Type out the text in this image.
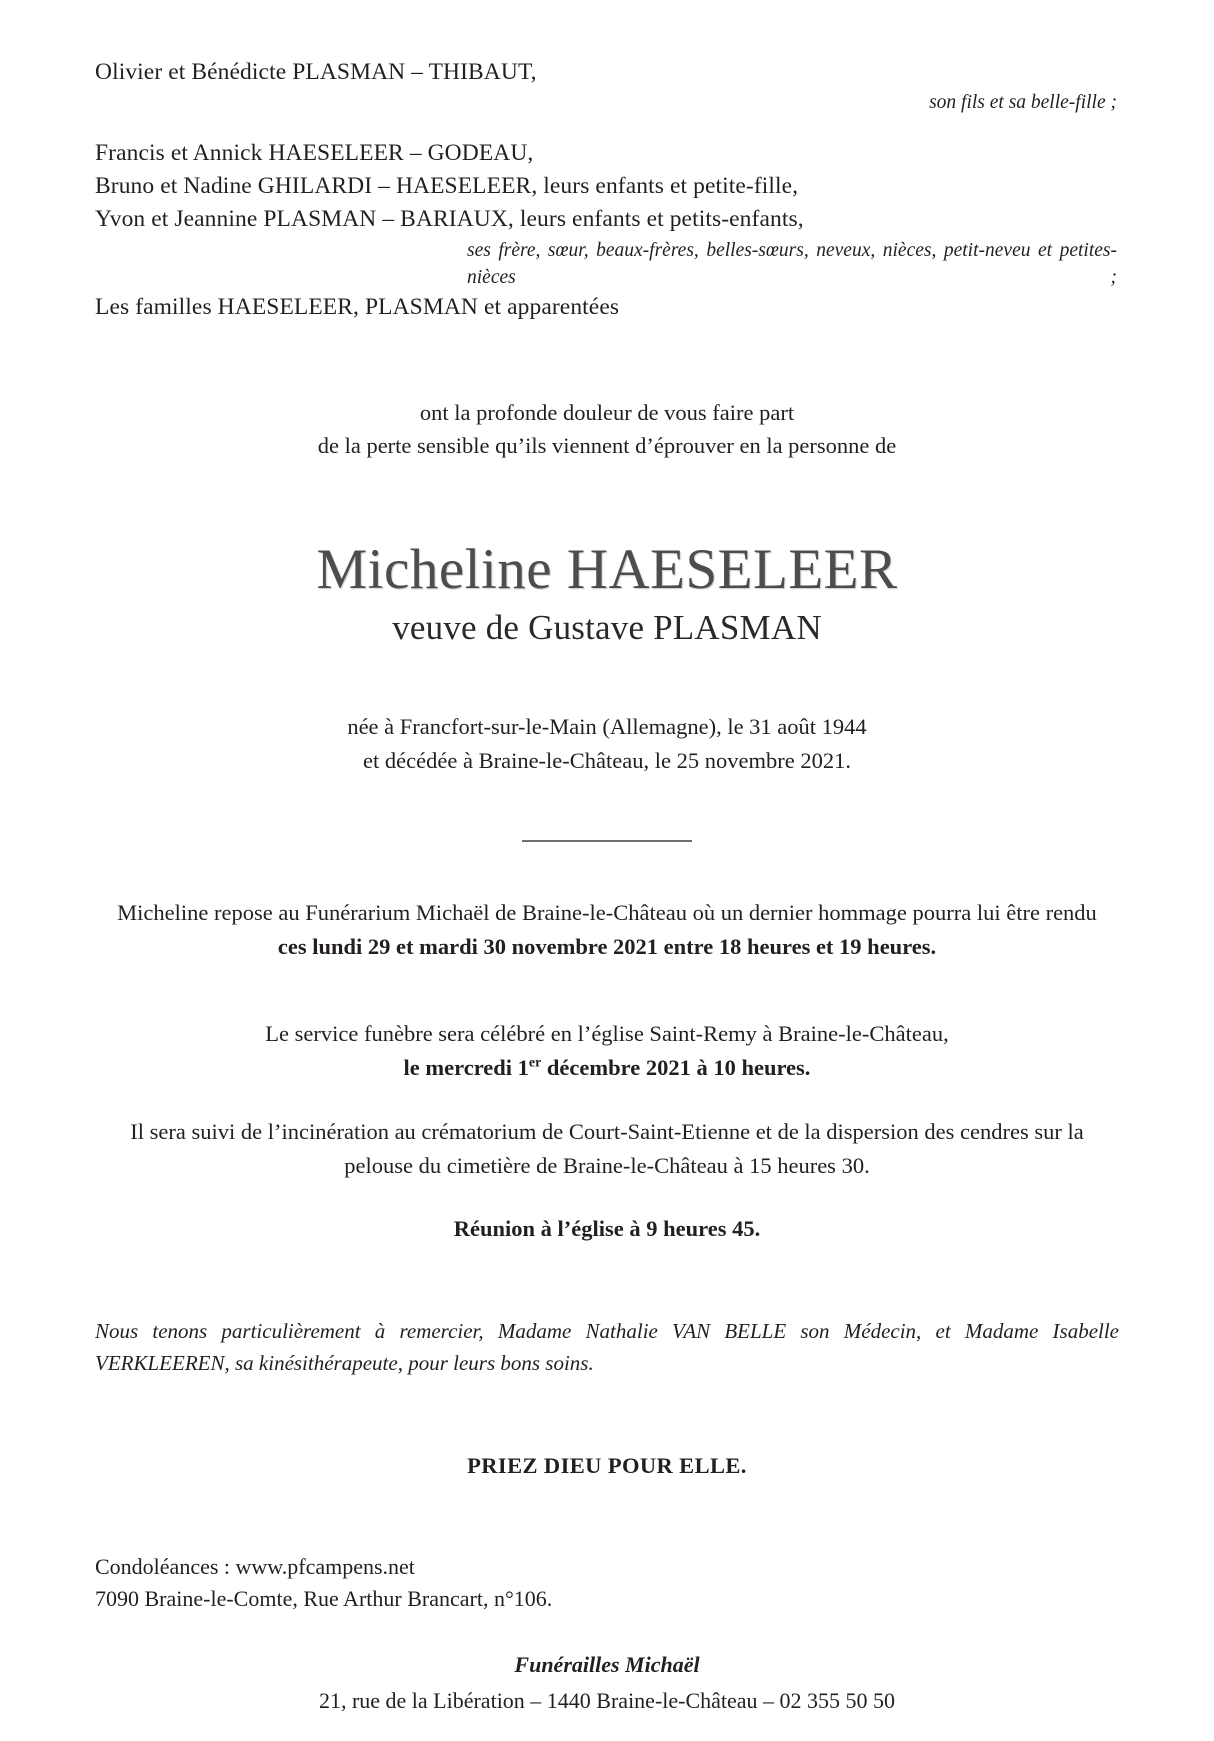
Olivier et Bénédicte PLASMAN – THIBAUT,
son fils et sa belle-fille ;
Francis et Annick HAESELEER – GODEAU,
Bruno et Nadine GHILARDI – HAESELEER, leurs enfants et petite-fille,
Yvon et Jeannine PLASMAN – BARIAUX, leurs enfants et petits-enfants,
ses frère, sœur, beaux-frères, belles-sœurs, neveux, nièces, petit-neveu et petites-nièces ;
Les familles HAESELEER, PLASMAN et apparentées
ont la profonde douleur de vous faire part
de la perte sensible qu’ils viennent d’éprouver en la personne de
Micheline HAESELEER
veuve de Gustave PLASMAN
née à Francfort-sur-le-Main (Allemagne), le 31 août 1944
et décédée à Braine-le-Château, le 25 novembre 2021.
Micheline repose au Funérarium Michaël de Braine-le-Château où un dernier hommage pourra lui être rendu
ces lundi 29 et mardi 30 novembre 2021 entre 18 heures et 19 heures.
Le service funèbre sera célébré en l’église Saint-Remy à Braine-le-Château,
le mercredi 1er décembre 2021 à 10 heures.
Il sera suivi de l’incinération au crématorium de Court-Saint-Etienne et de la dispersion des cendres sur la
pelouse du cimetière de Braine-le-Château à 15 heures 30.
Réunion à l’église à 9 heures 45.
Nous tenons particulièrement à remercier, Madame Nathalie VAN BELLE son Médecin, et Madame Isabelle VERKLEEREN, sa kinésithérapeute, pour leurs bons soins.
PRIEZ DIEU POUR ELLE.
Condoléances : www.pfcampens.net
7090 Braine-le-Comte, Rue Arthur Brancart, n°106.
Funérailles Michaël
21, rue de la Libération – 1440 Braine-le-Château – 02 355 50 50
